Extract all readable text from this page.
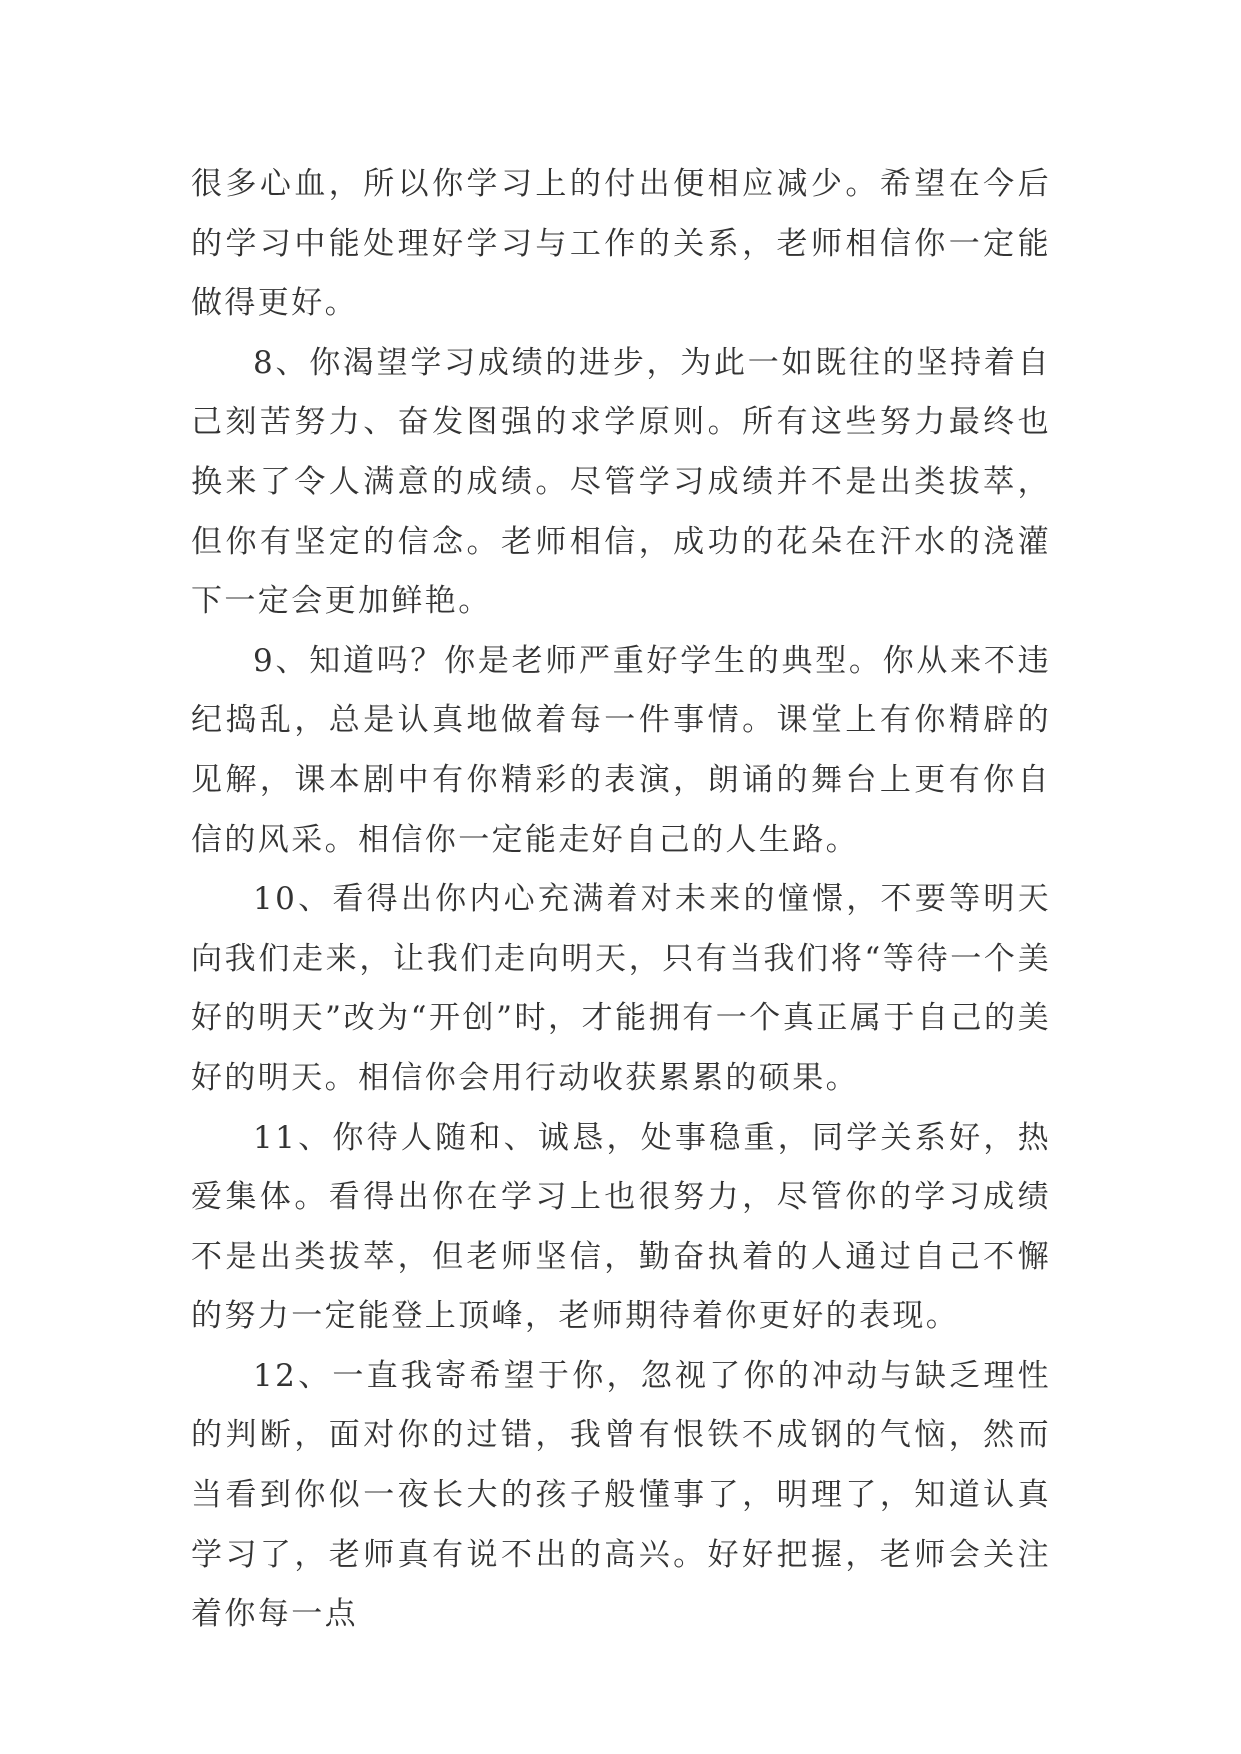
很多心血，所以你学习上的付出便相应减少。希望在今后的学习中能处理好学习与工作的关系，老师相信你一定能做得更好。

8、你渴望学习成绩的进步，为此一如既往的坚持着自己刻苦努力、奋发图强的求学原则。所有这些努力最终也换来了令人满意的成绩。尽管学习成绩并不是出类拔萃，但你有坚定的信念。老师相信，成功的花朵在汗水的浇灌下一定会更加鲜艳。

9、知道吗？你是老师严重好学生的典型。你从来不违纪捣乱，总是认真地做着每一件事情。课堂上有你精辟的见解，课本剧中有你精彩的表演，朗诵的舞台上更有你自信的风采。相信你一定能走好自己的人生路。

10、看得出你内心充满着对未来的憧憬，不要等明天向我们走来，让我们走向明天，只有当我们将“等待一个美好的明天”改为“开创”时，才能拥有一个真正属于自己的美好的明天。相信你会用行动收获累累的硕果。

11、你待人随和、诚恳，处事稳重，同学关系好，热爱集体。看得出你在学习上也很努力，尽管你的学习成绩不是出类拔萃，但老师坚信，勤奋执着的人通过自己不懈的努力一定能登上顶峰，老师期待着你更好的表现。

12、一直我寄希望于你，忽视了你的冲动与缺乏理性的判断，面对你的过错，我曾有恨铁不成钢的气恼，然而当看到你似一夜长大的孩子般懂事了，明理了，知道认真学习了，老师真有说不出的高兴。好好把握，老师会关注着你每一点
